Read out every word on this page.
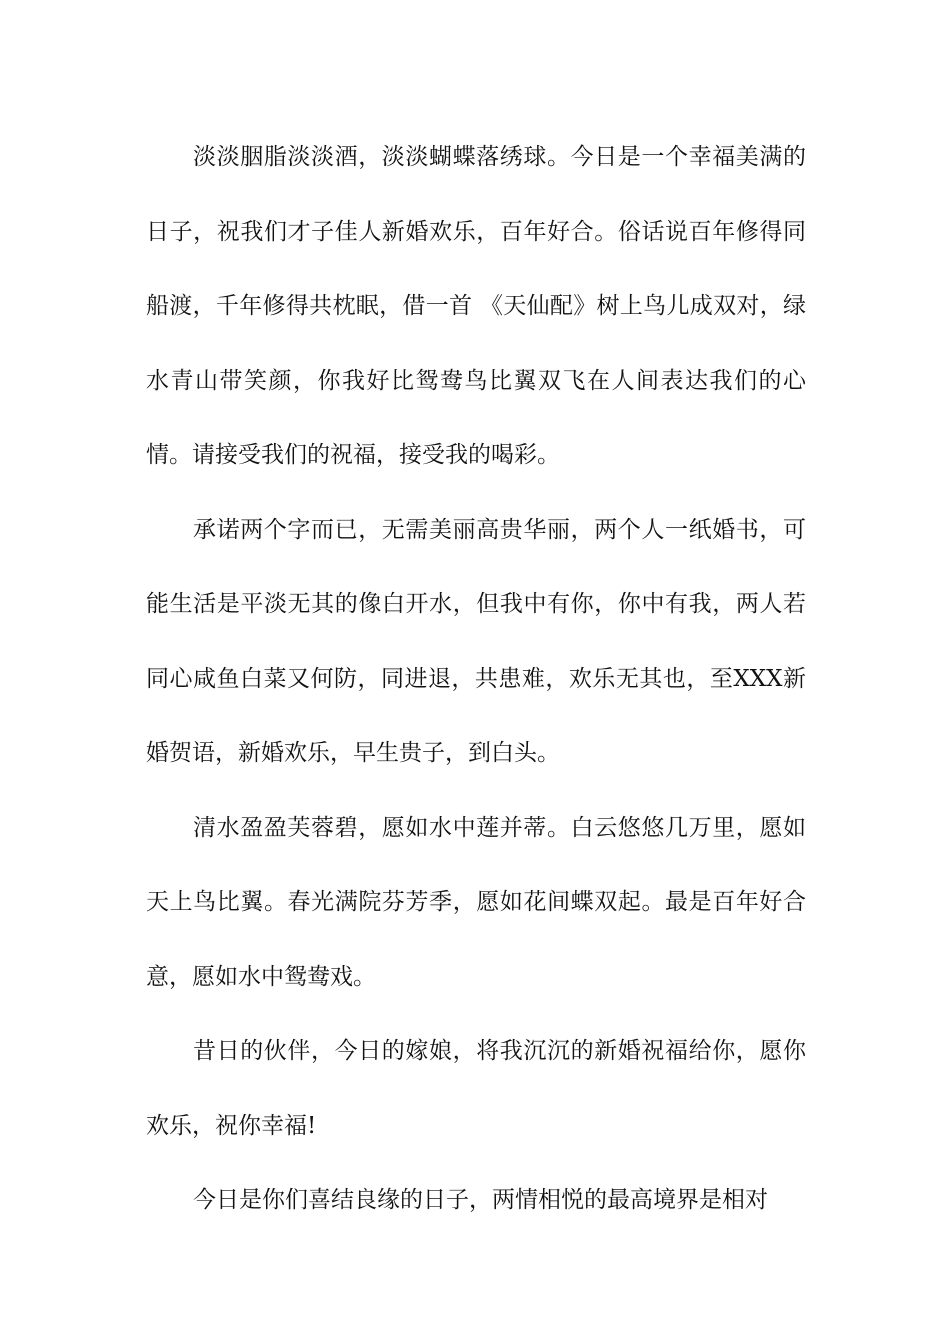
淡淡胭脂淡淡酒，淡淡蝴蝶落绣球。今日是一个幸福美满的日子，祝我们才子佳人新婚欢乐，百年好合。俗话说百年修得同船渡，千年修得共枕眠，借一首 《天仙配》树上鸟儿成双对，绿水青山带笑颜，你我好比鸳鸯鸟比翼双飞在人间表达我们的心情。请接受我们的祝福，接受我的喝彩。

承诺两个字而已，无需美丽高贵华丽，两个人一纸婚书，可能生活是平淡无其的像白开水，但我中有你，你中有我，两人若同心咸鱼白菜又何防，同进退，共患难，欢乐无其也，至XXX新婚贺语，新婚欢乐，早生贵子，到白头。

清水盈盈芙蓉碧，愿如水中莲并蒂。白云悠悠几万里，愿如天上鸟比翼。春光满院芬芳季，愿如花间蝶双起。最是百年好合意，愿如水中鸳鸯戏。

昔日的伙伴，今日的嫁娘，将我沉沉的新婚祝福给你，愿你欢乐，祝你幸福!

今日是你们喜结良缘的日子，两情相悦的最高境界是相对
